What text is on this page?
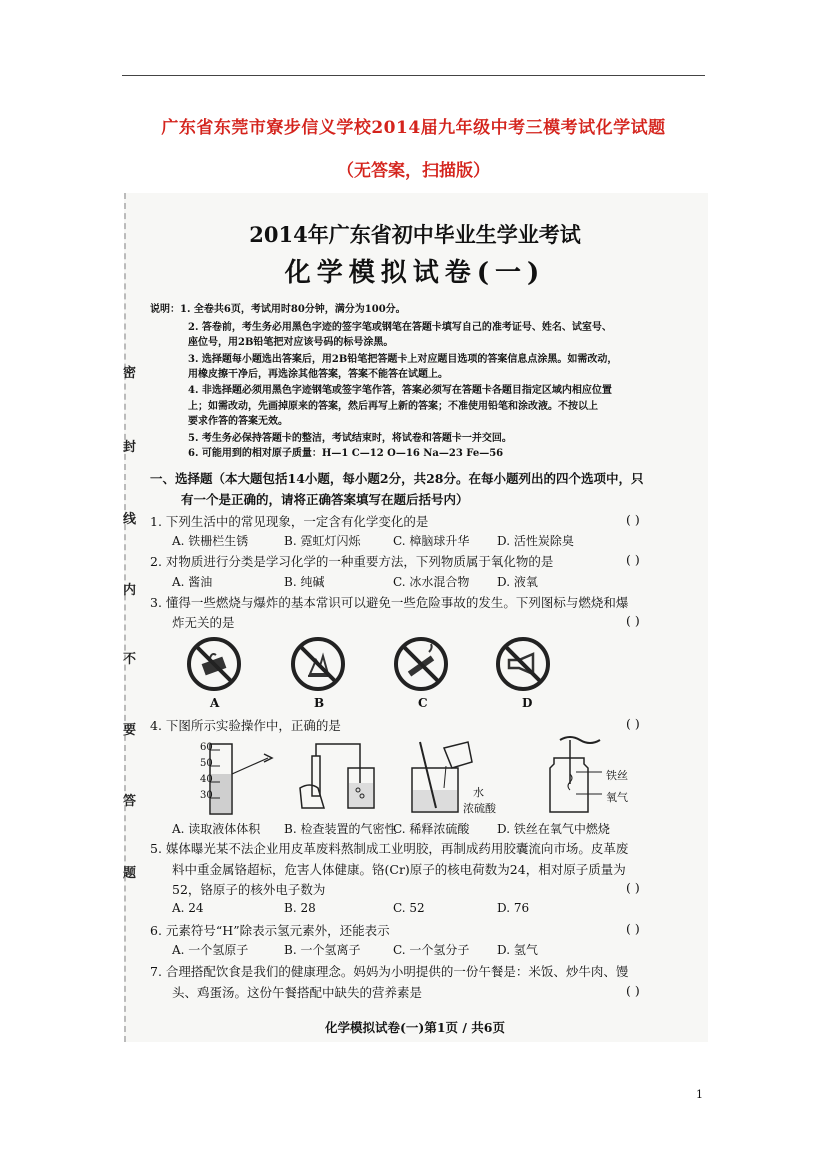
广东省东莞市寮步信义学校2014届九年级中考三模考试化学试题
（无答案，扫描版）
密
封
线
内
不
要
答
题
2014年广东省初中毕业生学业考试
化学模拟试卷(一)
说明：1. 全卷共6页，考试用时80分钟，满分为100分。
2. 答卷前，考生务必用黑色字迹的签字笔或钢笔在答题卡填写自己的准考证号、姓名、试室号、
座位号，用2B铅笔把对应该号码的标号涂黑。
3. 选择题每小题选出答案后，用2B铅笔把答题卡上对应题目选项的答案信息点涂黑。如需改动，
用橡皮擦干净后，再选涂其他答案，答案不能答在试题上。
4. 非选择题必须用黑色字迹钢笔或签字笔作答，答案必须写在答题卡各题目指定区域内相应位置
上；如需改动，先画掉原来的答案，然后再写上新的答案；不准使用铅笔和涂改液。不按以上
要求作答的答案无效。
5. 考生务必保持答题卡的整洁，考试结束时，将试卷和答题卡一并交回。
6. 可能用到的相对原子质量：H—1 C—12 O—16 Na—23 Fe—56
一、选择题（本大题包括14小题，每小题2分，共28分。在每小题列出的四个选项中，只
有一个是正确的，请将正确答案填写在题后括号内）
1. 下列生活中的常见现象，一定含有化学变化的是	( )
A. 铁栅栏生锈	B. 霓虹灯闪烁	C. 樟脑球升华 D. 活性炭除臭
2. 对物质进行分类是学习化学的一种重要方法，下列物质属于氧化物的是	( )
A. 酱油	B. 纯碱	C. 冰水混合物 D. 液氧
3. 懂得一些燃烧与爆炸的基本常识可以避免一些危险事故的发生。下列图标与燃烧和爆
炸无关的是	( )
A	B	C	D
4. 下图所示实验操作中，正确的是	( )
60
50
40
30	水
浓硫酸
铁丝
氧气
A. 读取液体体积 B. 检查装置的气密性
C. 稀释浓硫酸 D. 铁丝在氧气中燃烧
5. 媒体曝光某不法企业用皮革废料熬制成工业明胶，再制成药用胶囊流向市场。皮革废
料中重金属铬超标，危害人体健康。铬(Cr)原子的核电荷数为24，相对原子质量为
52，铬原子的核外电子数为	( )
A. 24	B. 28	C. 52	D. 76
6. 元素符号“H”除表示氢元素外，还能表示	( )
A. 一个氢原子	B. 一个氢离子	C. 一个氢分子 D. 氢气
7. 合理搭配饮食是我们的健康理念。妈妈为小明提供的一份午餐是：米饭、炒牛肉、馒
头、鸡蛋汤。这份午餐搭配中缺失的营养素是	( )
化学模拟试卷(一)第1页 / 共6页
1
